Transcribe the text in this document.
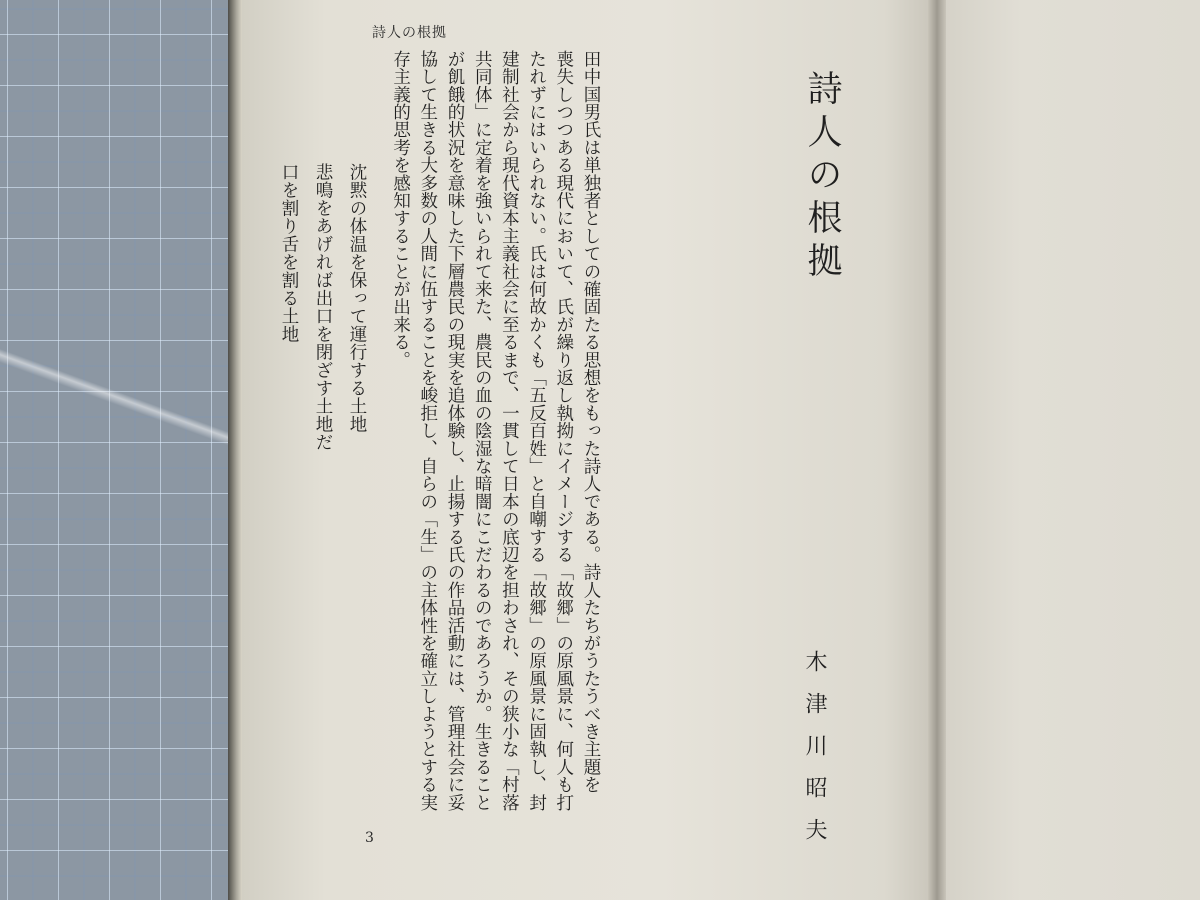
詩人の根拠
詩人の根拠
木津川昭夫
田中国男氏は単独者としての確固たる思想をもった詩人である。詩人たちがうたうべき主題を
喪失しつつある現代において、氏が繰り返し執拗にイメージする「故郷」の原風景に、何人も打
たれずにはいられない。氏は何故かくも「五反百姓」と自嘲する「故郷」の原風景に固執し、封
建制社会から現代資本主義社会に至るまで、一貫して日本の底辺を担わされ、その狭小な「村落
共同体」に定着を強いられて来た、農民の血の陰湿な暗闇にこだわるのであろうか。生きること
が飢餓的状況を意味した下層農民の現実を追体験し、止揚する氏の作品活動には、管理社会に妥
協して生きる大多数の人間に伍することを峻拒し、自らの「生」の主体性を確立しようとする実
存主義的思考を感知することが出来る。
沈黙の体温を保って運行する土地
悲鳴をあげれば出口を閉ざす土地だ
口を割り舌を割る土地
3
